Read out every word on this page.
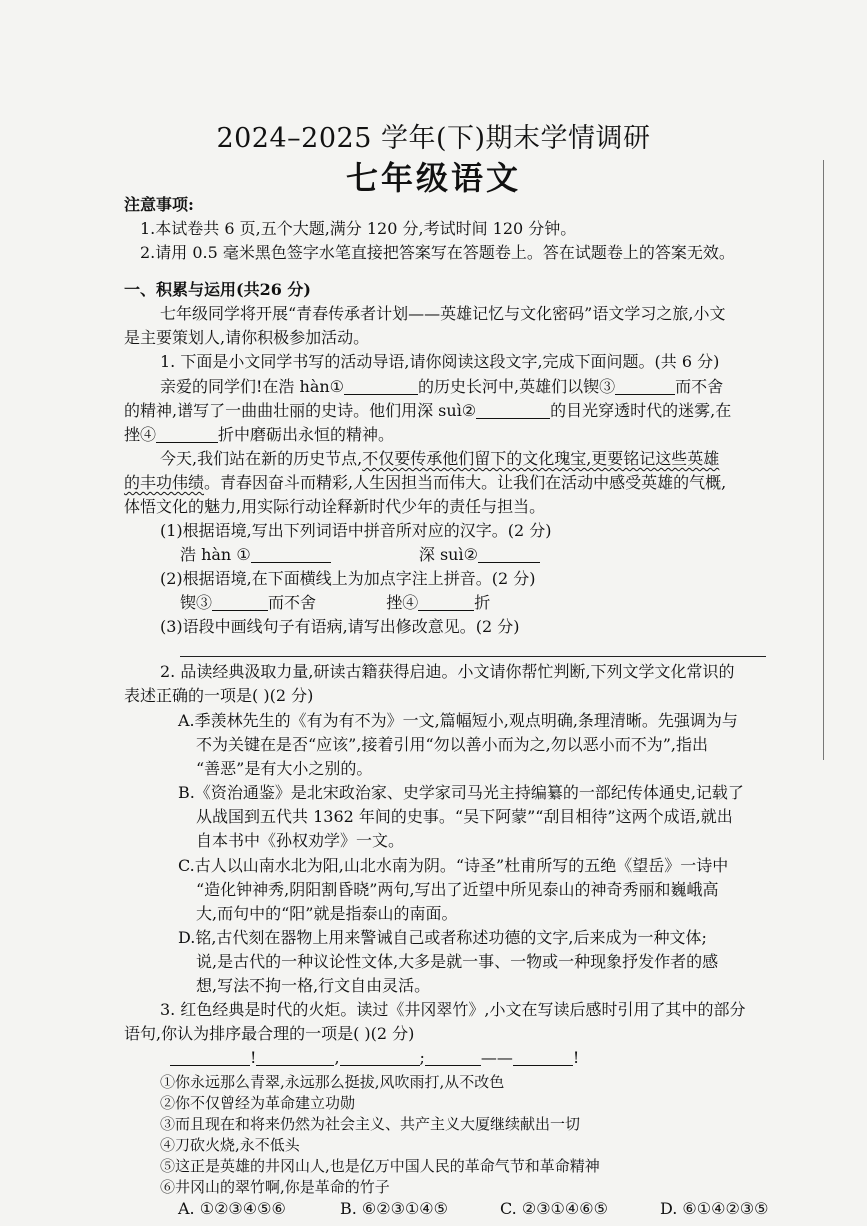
2024–2025 学年(下)期末学情调研
七年级语文
注意事项:
1.本试卷共 6 页,五个大题,满分 120 分,考试时间 120 分钟。
2.请用 0.5 毫米黑色签字水笔直接把答案写在答题卷上。答在试题卷上的答案无效。
一、积累与运用(共26 分)
七年级同学将开展“青春传承者计划——英雄记忆与文化密码”语文学习之旅,小文
是主要策划人,请你积极参加活动。
1. 下面是小文同学书写的活动导语,请你阅读这段文字,完成下面问题。(共 6 分)
亲爱的同学们!在浩 hàn①	的历史长河中,英雄们以锲③	而不舍
的精神,谱写了一曲曲壮丽的史诗。他们用深 suì②	的目光穿透时代的迷雾,在
挫④	折中磨砺出永恒的精神。
今天,我们站在新的历史节点,不仅要传承他们留下的文化瑰宝,更要铭记这些英雄
的丰功伟绩。青春因奋斗而精彩,人生因担当而伟大。让我们在活动中感受英雄的气概,
体悟文化的魅力,用实际行动诠释新时代少年的责任与担当。
(1)根据语境,写出下列词语中拼音所对应的汉字。(2 分)
浩 hàn ①	深 suì②
(2)根据语境,在下面横线上为加点字注上拼音。(2 分)
锲③	而不舍	挫④	折
(3)语段中画线句子有语病,请写出修改意见。(2 分)
2. 品读经典汲取力量,研读古籍获得启迪。小文请你帮忙判断,下列文学文化常识的
表述正确的一项是( )(2 分)
A.季羡林先生的《有为有不为》一文,篇幅短小,观点明确,条理清晰。先强调为与
不为关键在是否“应该”,接着引用“勿以善小而为之,勿以恶小而不为”,指出
“善恶”是有大小之别的。
B.《资治通鉴》是北宋政治家、史学家司马光主持编纂的一部纪传体通史,记载了
从战国到五代共 1362 年间的史事。“吴下阿蒙”“刮目相待”这两个成语,就出
自本书中《孙权劝学》一文。
C.古人以山南水北为阳,山北水南为阴。“诗圣”杜甫所写的五绝《望岳》一诗中
“造化钟神秀,阴阳割昏晓”两句,写出了近望中所见泰山的神奇秀丽和巍峨高
大,而句中的“阳”就是指泰山的南面。
D.铭,古代刻在器物上用来警诫自己或者称述功德的文字,后来成为一种文体;
说,是古代的一种议论性文体,大多是就一事、一物或一种现象抒发作者的感
想,写法不拘一格,行文自由灵活。
3. 红色经典是时代的火炬。读过《井冈翠竹》,小文在写读后感时引用了其中的部分
语句,你认为排序最合理的一项是( )(2 分)
!	,	;	——	!
①你永远那么青翠,永远那么挺拔,风吹雨打,从不改色
②你不仅曾经为革命建立功勋
③而且现在和将来仍然为社会主义、共产主义大厦继续献出一切
④刀砍火烧,永不低头
⑤这正是英雄的井冈山人,也是亿万中国人民的革命气节和革命精神
⑥井冈山的翠竹啊,你是革命的竹子
A. ①②③④⑤⑥	B. ⑥②③①④⑤	C. ②③①④⑥⑤	D. ⑥①④②③⑤
